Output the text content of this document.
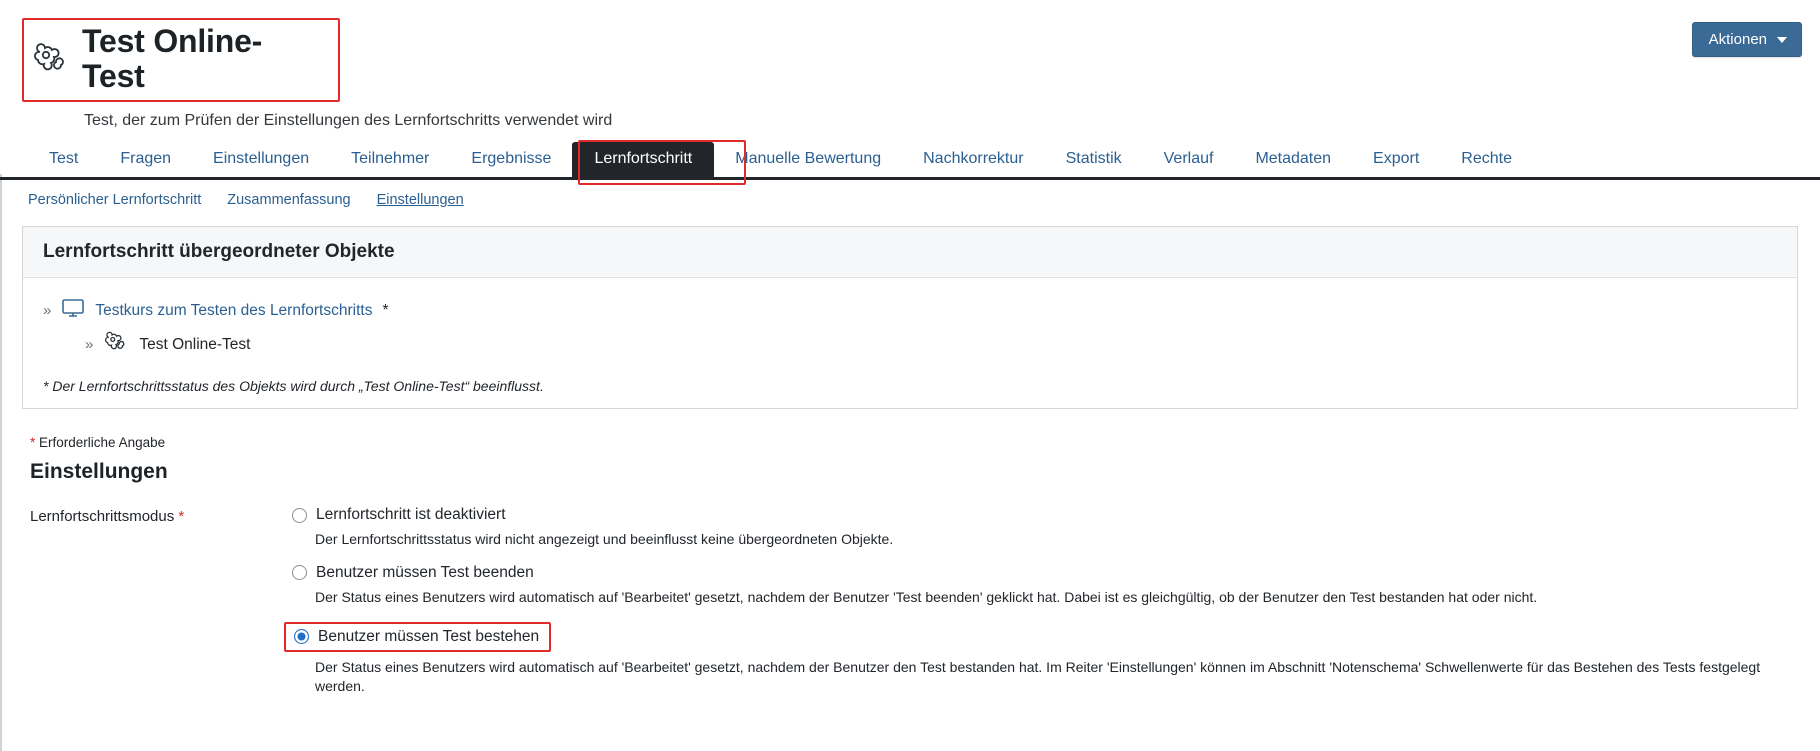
Test Online-Test
Test, der zum Prüfen der Einstellungen des Lernfortschritts verwendet wird
Aktionen
Test	Fragen	Einstellungen	Teilnehmer	Ergebnisse	Lernfortschritt	Manuelle Bewertung	Nachkorrektur	Statistik	Verlauf	Metadaten	Export	Rechte
Persönlicher Lernfortschritt Zusammenfassung Einstellungen
Lernfortschritt übergeordneter Objekte
»	Testkurs zum Testen des Lernfortschritts *
»	Test Online-Test
* Der Lernfortschrittsstatus des Objekts wird durch „Test Online-Test“ beeinflusst.
* Erforderliche Angabe
Einstellungen
Lernfortschrittsmodus *	Lernfortschritt ist deaktiviert
Der Lernfortschrittsstatus wird nicht angezeigt und beeinflusst keine übergeordneten Objekte.
Benutzer müssen Test beenden
Der Status eines Benutzers wird automatisch auf 'Bearbeitet' gesetzt, nachdem der Benutzer 'Test beenden' geklickt hat. Dabei ist es gleichgültig, ob der Benutzer den Test bestanden hat oder nicht.
Benutzer müssen Test bestehen
Der Status eines Benutzers wird automatisch auf 'Bearbeitet' gesetzt, nachdem der Benutzer den Test bestanden hat. Im Reiter 'Einstellungen' können im Abschnitt 'Notenschema' Schwellenwerte für das Bestehen des Tests festgelegt werden.
